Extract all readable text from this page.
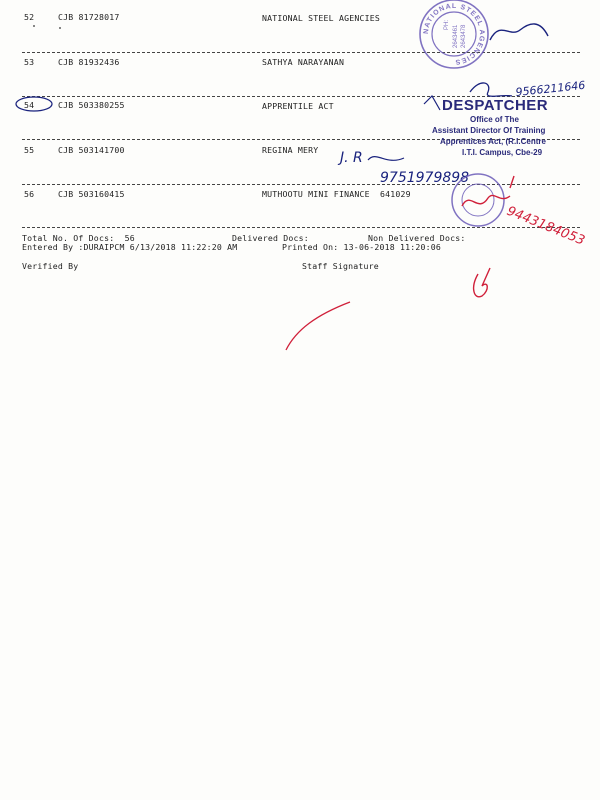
52	CJB 81728017	NATIONAL STEEL AGENCIES
53	CJB 81932436	SATHYA NARAYANAN
54	CJB 503380255	APPRENTILE ACT
55	CJB 503141700	REGINA MERY
56	CJB 503160415	MUTHOOTU MINI FINANCE  641029
Total No. Of Docs:  56	Delivered Docs:	Non Delivered Docs:
Entered By :DURAIPCM 6/13/2018 11:22:20 AM	Printed On: 13-06-2018 11:20:06
Verified By	Staff Signature
NATIONAL STEEL AGENCIES
PH: 2643461 2643478
9566211646
DESPATCHER
Office of The
Assistant Director Of Training
Apprentices Act, (R.I.Centre
I.T.I. Campus, Cbe-29
J. R
9751979898
9443184053
